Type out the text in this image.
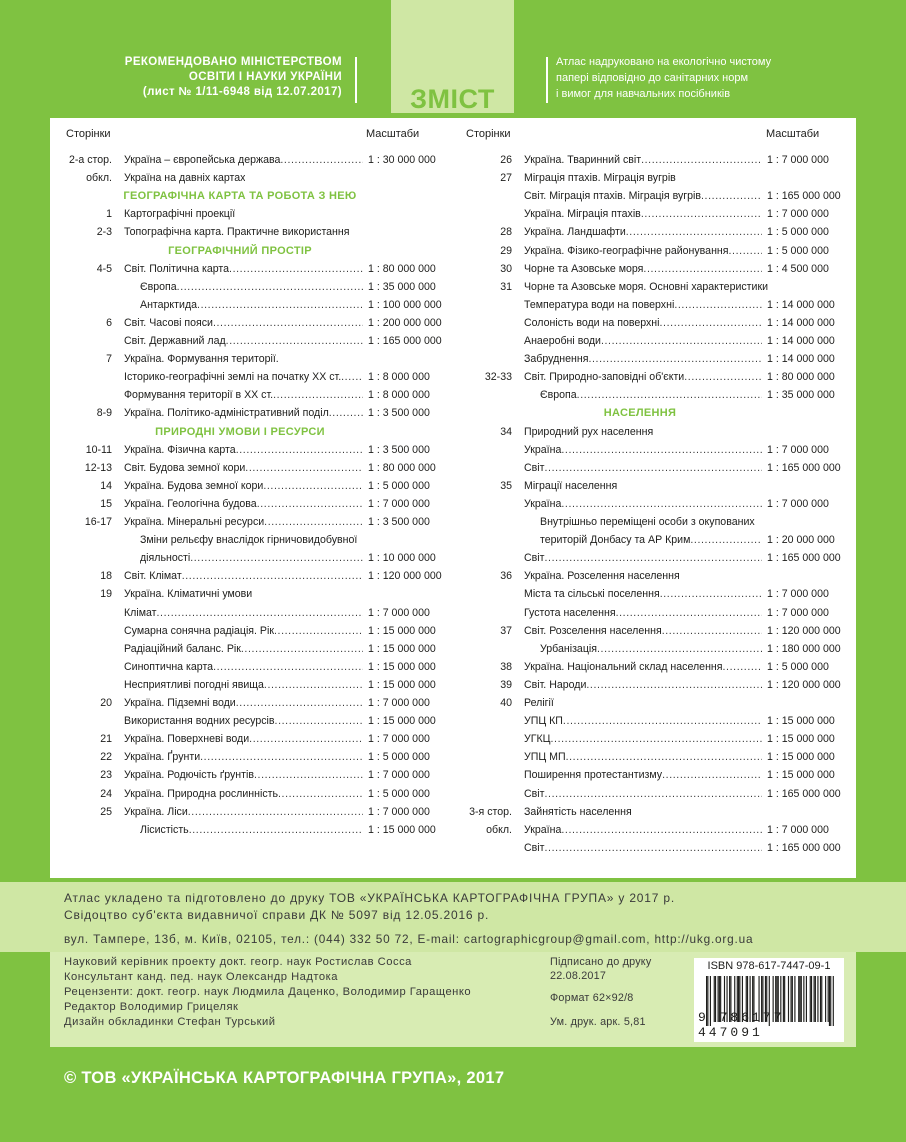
ЗМІСТ
РЕКОМЕНДОВАНО МІНІСТЕРСТВОМ
ОСВІТИ І НАУКИ УКРАЇНИ
(лист № 1/11-6948 від 12.07.2017)
Атлас надруковано на екологічно чистому
папері відповідно до санітарних норм
і вимог для навчальних посібників
Сторінки	Масштаби	Сторінки	Масштаби
2-а стор. Україна – європейська держава .....	1 : 30 000 000
обкл. Україна на давніх картах
ГЕОГРАФІЧНА КАРТА ТА РОБОТА З НЕЮ
1 Картографічні проекції
2-3 Топографічна карта. Практичне використання
ГЕОГРАФІЧНИЙ ПРОСТІР
4-5 Світ. Політична карта .....	1 : 80 000 000
Європа .....	1 : 35 000 000
Антарктида .....	1 : 100 000 000
6 Світ. Часові пояси .....	1 : 200 000 000
Світ. Державний лад .....	1 : 165 000 000
7 Україна. Формування території.
Історико-географічні землі на початку XX ст. .....	1 : 8 000 000
Формування території в XX ст. .....	1 : 8 000 000
8-9 Україна. Політико-адміністративний поділ .....	1 : 3 500 000
ПРИРОДНІ УМОВИ І РЕСУРСИ
10-11 Україна. Фізична карта .....	1 : 3 500 000
12-13 Світ. Будова земної кори .....	1 : 80 000 000
14 Україна. Будова земної кори .....	1 : 5 000 000
15 Україна. Геологічна будова .....	1 : 7 000 000
16-17 Україна. Мінеральні ресурси .....	1 : 3 500 000
Зміни рельєфу внаслідок гірничовидобувної
діяльності .....	1 : 10 000 000
18 Світ. Клімат .....	1 : 120 000 000
19 Україна. Кліматичні умови
Клімат .....	1 : 7 000 000
Сумарна сонячна радіація. Рік .....	1 : 15 000 000
Радіаційний баланс. Рік .....	1 : 15 000 000
Синоптична карта .....	1 : 15 000 000
Несприятливі погодні явища .....	1 : 15 000 000
20 Україна. Підземні води .....	1 : 7 000 000
Використання водних ресурсів .....	1 : 15 000 000
21 Україна. Поверхневі води .....	1 : 7 000 000
22 Україна. Ґрунти .....	1 : 5 000 000
23 Україна. Родючість ґрунтів .....	1 : 7 000 000
24 Україна. Природна рослинність .....	1 : 5 000 000
25 Україна. Ліси .....	1 : 7 000 000
Лісистість .....	1 : 15 000 000
26 Україна. Тваринний світ .....	1 : 7 000 000
27 Міграція птахів. Міграція вугрів
Світ. Міграція птахів. Міграція вугрів .....	1 : 165 000 000
Україна. Міграція птахів .....	1 : 7 000 000
28 Україна. Ландшафти .....	1 : 5 000 000
29 Україна. Фізико-географічне районування .....	1 : 5 000 000
30 Чорне та Азовське моря .....	1 : 4 500 000
31 Чорне та Азовське моря. Основні характеристики
Температура води на поверхні .....	1 : 14 000 000
Солоність води на поверхні .....	1 : 14 000 000
Анаеробні води .....	1 : 14 000 000
Забруднення .....	1 : 14 000 000
32-33 Світ. Природно-заповідні об'єкти .....	1 : 80 000 000
Європа .....	1 : 35 000 000
НАСЕЛЕННЯ
34 Природний рух населення
Україна .....	1 : 7 000 000
Світ .....	1 : 165 000 000
35 Міграції населення
Україна .....	1 : 7 000 000
Внутрішньо переміщені особи з окупованих
територій Донбасу та АР Крим .....	1 : 20 000 000
Світ .....	1 : 165 000 000
36 Україна. Розселення населення
Міста та сільські поселення .....	1 : 7 000 000
Густота населення .....	1 : 7 000 000
37 Світ. Розселення населення .....	1 : 120 000 000
Урбанізація .....	1 : 180 000 000
38 Україна. Національний склад населення .....	1 : 5 000 000
39 Світ. Народи .....	1 : 120 000 000
40 Релігії
УПЦ КП .....	1 : 15 000 000
УГКЦ .....	1 : 15 000 000
УПЦ МП .....	1 : 15 000 000
Поширення протестантизму .....	1 : 15 000 000
Світ .....	1 : 165 000 000
3-я стор. Зайнятість населення
обкл. Україна .....	1 : 7 000 000
Світ .....	1 : 165 000 000
Атлас укладено та підготовлено до друку ТОВ «УКРАЇНСЬКА КАРТОГРАФІЧНА ГРУПА» у 2017 р.
Свідоцтво суб'єкта видавничої справи ДК № 5097 від 12.05.2016 р.
вул. Тампере, 13б, м. Київ, 02105, тел.: (044) 332 50 72, E-mail: cartographicgroup@gmail.com, http://ukg.org.ua
Науковий керівник проекту докт. геогр. наук Ростислав Сосса
Консультант канд. пед. наук Олександр Надтока
Рецензенти: докт. геогр. наук Людмила Даценко, Володимир Гаращенко
Редактор Володимир Грицеляк
Дизайн обкладинки Стефан Турський
Підписано до друку
22.08.2017
Формат 62×92/8
Ум. друк. арк. 5,81
ISBN 978-617-7447-09-1
9 786177 447091
© ТОВ «УКРАЇНСЬКА КАРТОГРАФІЧНА ГРУПА», 2017
